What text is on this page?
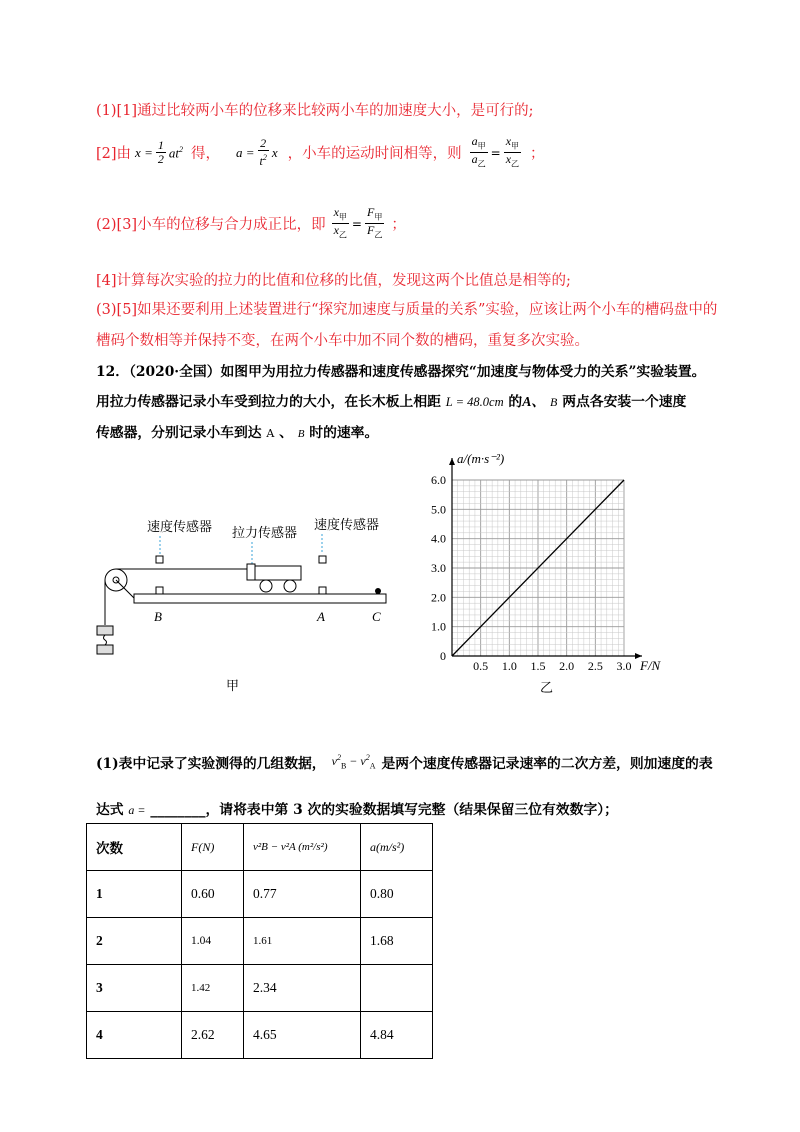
(1)[1]通过比较两小车的位移来比较两小车的加速度大小，是可行的;
[2]由 $x = \frac{1}{2} at^2$ 得， $a = \frac{2}{t^2}$ x ，小车的运动时间相等，则 $\frac{a_甲}{a_乙} = \frac{x_甲}{x_乙}$ ；
(2)[3]小车的位移与合力成正比，即 $\frac{x_甲}{x_乙} = \frac{F_甲}{F_乙}$ ；
[4]计算每次实验的拉力的比值和位移的比值，发现这两个比值总是相等的;
(3)[5]如果还要利用上述装置进行“探究加速度与质量的关系”实验，应该让两个小车的槽码盘中的
槽码个数相等并保持不变，在两个小车中加不同个数的槽码，重复多次实验。
12．（2020·全国）如图甲为用拉力传感器和速度传感器探究“加速度与物体受力的关系”实验装置。
用拉力传感器记录小车受到拉力的大小，在长木板上相距 L = 48.0cm 的A、 B 两点各安装一个速度
传感器，分别记录小车到达 A 、 B 时的速率。
速度传感器 拉力传感器
速度传感器
B	A	C
甲
0.5 1.0 1.5 2.0 2.5 3.0
0
1.0
2.0
3.0
4.0
5.0
6.0
a/(m·s⁻²)
F/N
乙
(1)表中记录了实验测得的几组数据， $v^2_B - v^2_A$ 是两个速度传感器记录速率的二次方差，则加速度的表
达式 a = ________，请将表中第 3 次的实验数据填写完整（结果保留三位有效数字）；
次数	F(N)	v²B − v²A (m²/s²)	a(m/s²)
1	0.60	0.77	0.80
2	1.04	1.61	1.68
3	1.42	2.34	
4	2.62	4.65	4.84
